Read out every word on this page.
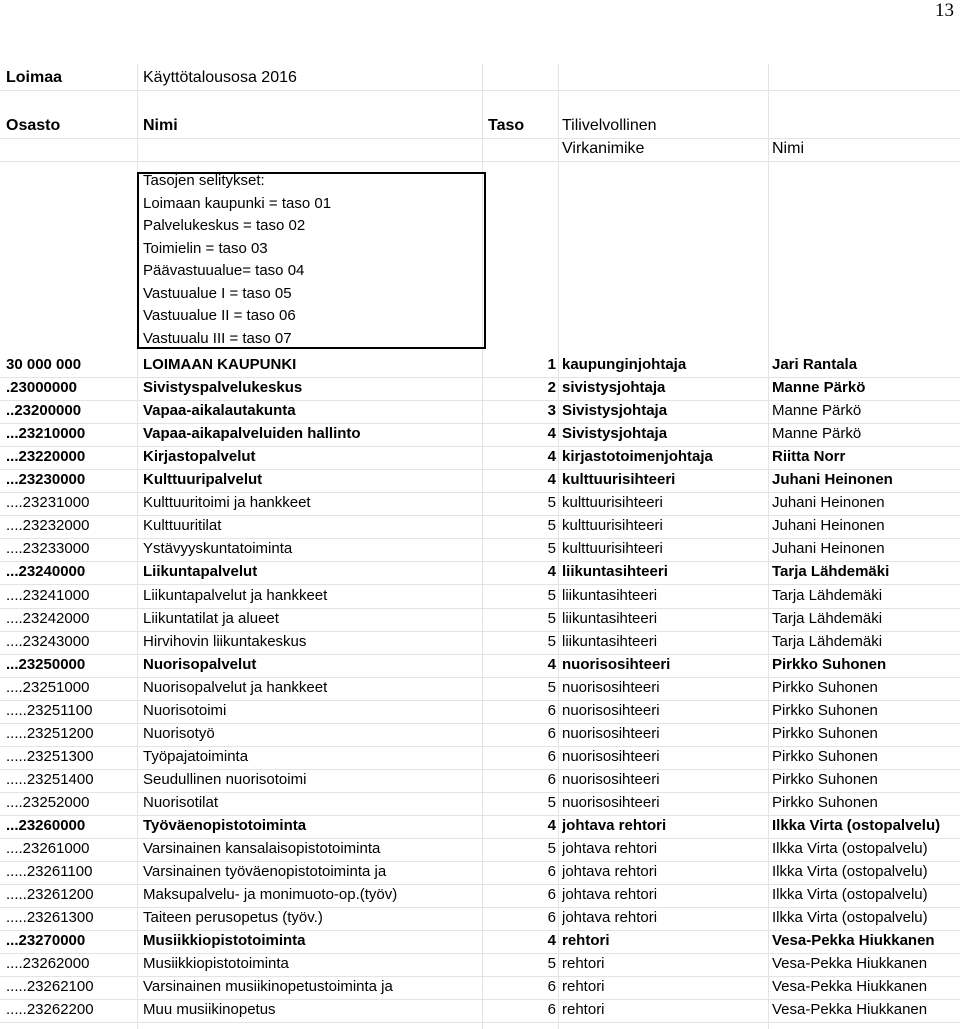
13
Loimaa	Käyttötalousosa 2016
Osasto	Nimi	Taso	Tilivelvollinen
Virkanimike	Nimi
Tasojen selitykset:
Loimaan kaupunki = taso 01
Palvelukeskus = taso 02
Toimielin = taso 03
Päävastuualue= taso 04
Vastuualue I = taso 05
Vastuualue II = taso 06
Vastuualu III = taso 07
30 000 000	LOIMAAN KAUPUNKI	1 kaupunginjohtaja	Jari Rantala
.23000000	Sivistyspalvelukeskus	2 sivistysjohtaja	Manne Pärkö
..23200000	Vapaa-aikalautakunta	3 Sivistysjohtaja	Manne Pärkö
...23210000	Vapaa-aikapalveluiden hallinto	4 Sivistysjohtaja	Manne Pärkö
...23220000	Kirjastopalvelut	4 kirjastotoimenjohtaja	Riitta Norr
...23230000	Kulttuuripalvelut	4 kulttuurisihteeri	Juhani Heinonen
....23231000	Kulttuuritoimi ja hankkeet	5 kulttuurisihteeri	Juhani Heinonen
....23232000	Kulttuuritilat	5 kulttuurisihteeri	Juhani Heinonen
....23233000	Ystävyyskuntatoiminta	5 kulttuurisihteeri	Juhani Heinonen
...23240000	Liikuntapalvelut	4 liikuntasihteeri	Tarja Lähdemäki
....23241000	Liikuntapalvelut ja hankkeet	5 liikuntasihteeri	Tarja Lähdemäki
....23242000	Liikuntatilat ja alueet	5 liikuntasihteeri	Tarja Lähdemäki
....23243000	Hirvihovin liikuntakeskus	5 liikuntasihteeri	Tarja Lähdemäki
...23250000	Nuorisopalvelut	4 nuorisosihteeri	Pirkko Suhonen
....23251000	Nuorisopalvelut ja hankkeet	5 nuorisosihteeri	Pirkko Suhonen
.....23251100	Nuorisotoimi	6 nuorisosihteeri	Pirkko Suhonen
.....23251200	Nuorisotyö	6 nuorisosihteeri	Pirkko Suhonen
.....23251300	Työpajatoiminta	6 nuorisosihteeri	Pirkko Suhonen
.....23251400	Seudullinen nuorisotoimi	6 nuorisosihteeri	Pirkko Suhonen
....23252000	Nuorisotilat	5 nuorisosihteeri	Pirkko Suhonen
...23260000	Työväenopistotoiminta	4 johtava rehtori	Ilkka Virta (ostopalvelu)
....23261000	Varsinainen kansalaisopistotoiminta	5 johtava rehtori	Ilkka Virta (ostopalvelu)
.....23261100	Varsinainen työväenopistotoiminta ja	6 johtava rehtori	Ilkka Virta (ostopalvelu)
.....23261200	Maksupalvelu- ja monimuoto-op.(työv)	6 johtava rehtori	Ilkka Virta (ostopalvelu)
.....23261300	Taiteen perusopetus (työv.)	6 johtava rehtori	Ilkka Virta (ostopalvelu)
...23270000	Musiikkiopistotoiminta	4 rehtori	Vesa-Pekka Hiukkanen
....23262000	Musiikkiopistotoiminta	5 rehtori	Vesa-Pekka Hiukkanen
.....23262100	Varsinainen musiikinopetustoiminta ja	6 rehtori	Vesa-Pekka Hiukkanen
.....23262200	Muu musiikinopetus	6 rehtori	Vesa-Pekka Hiukkanen
